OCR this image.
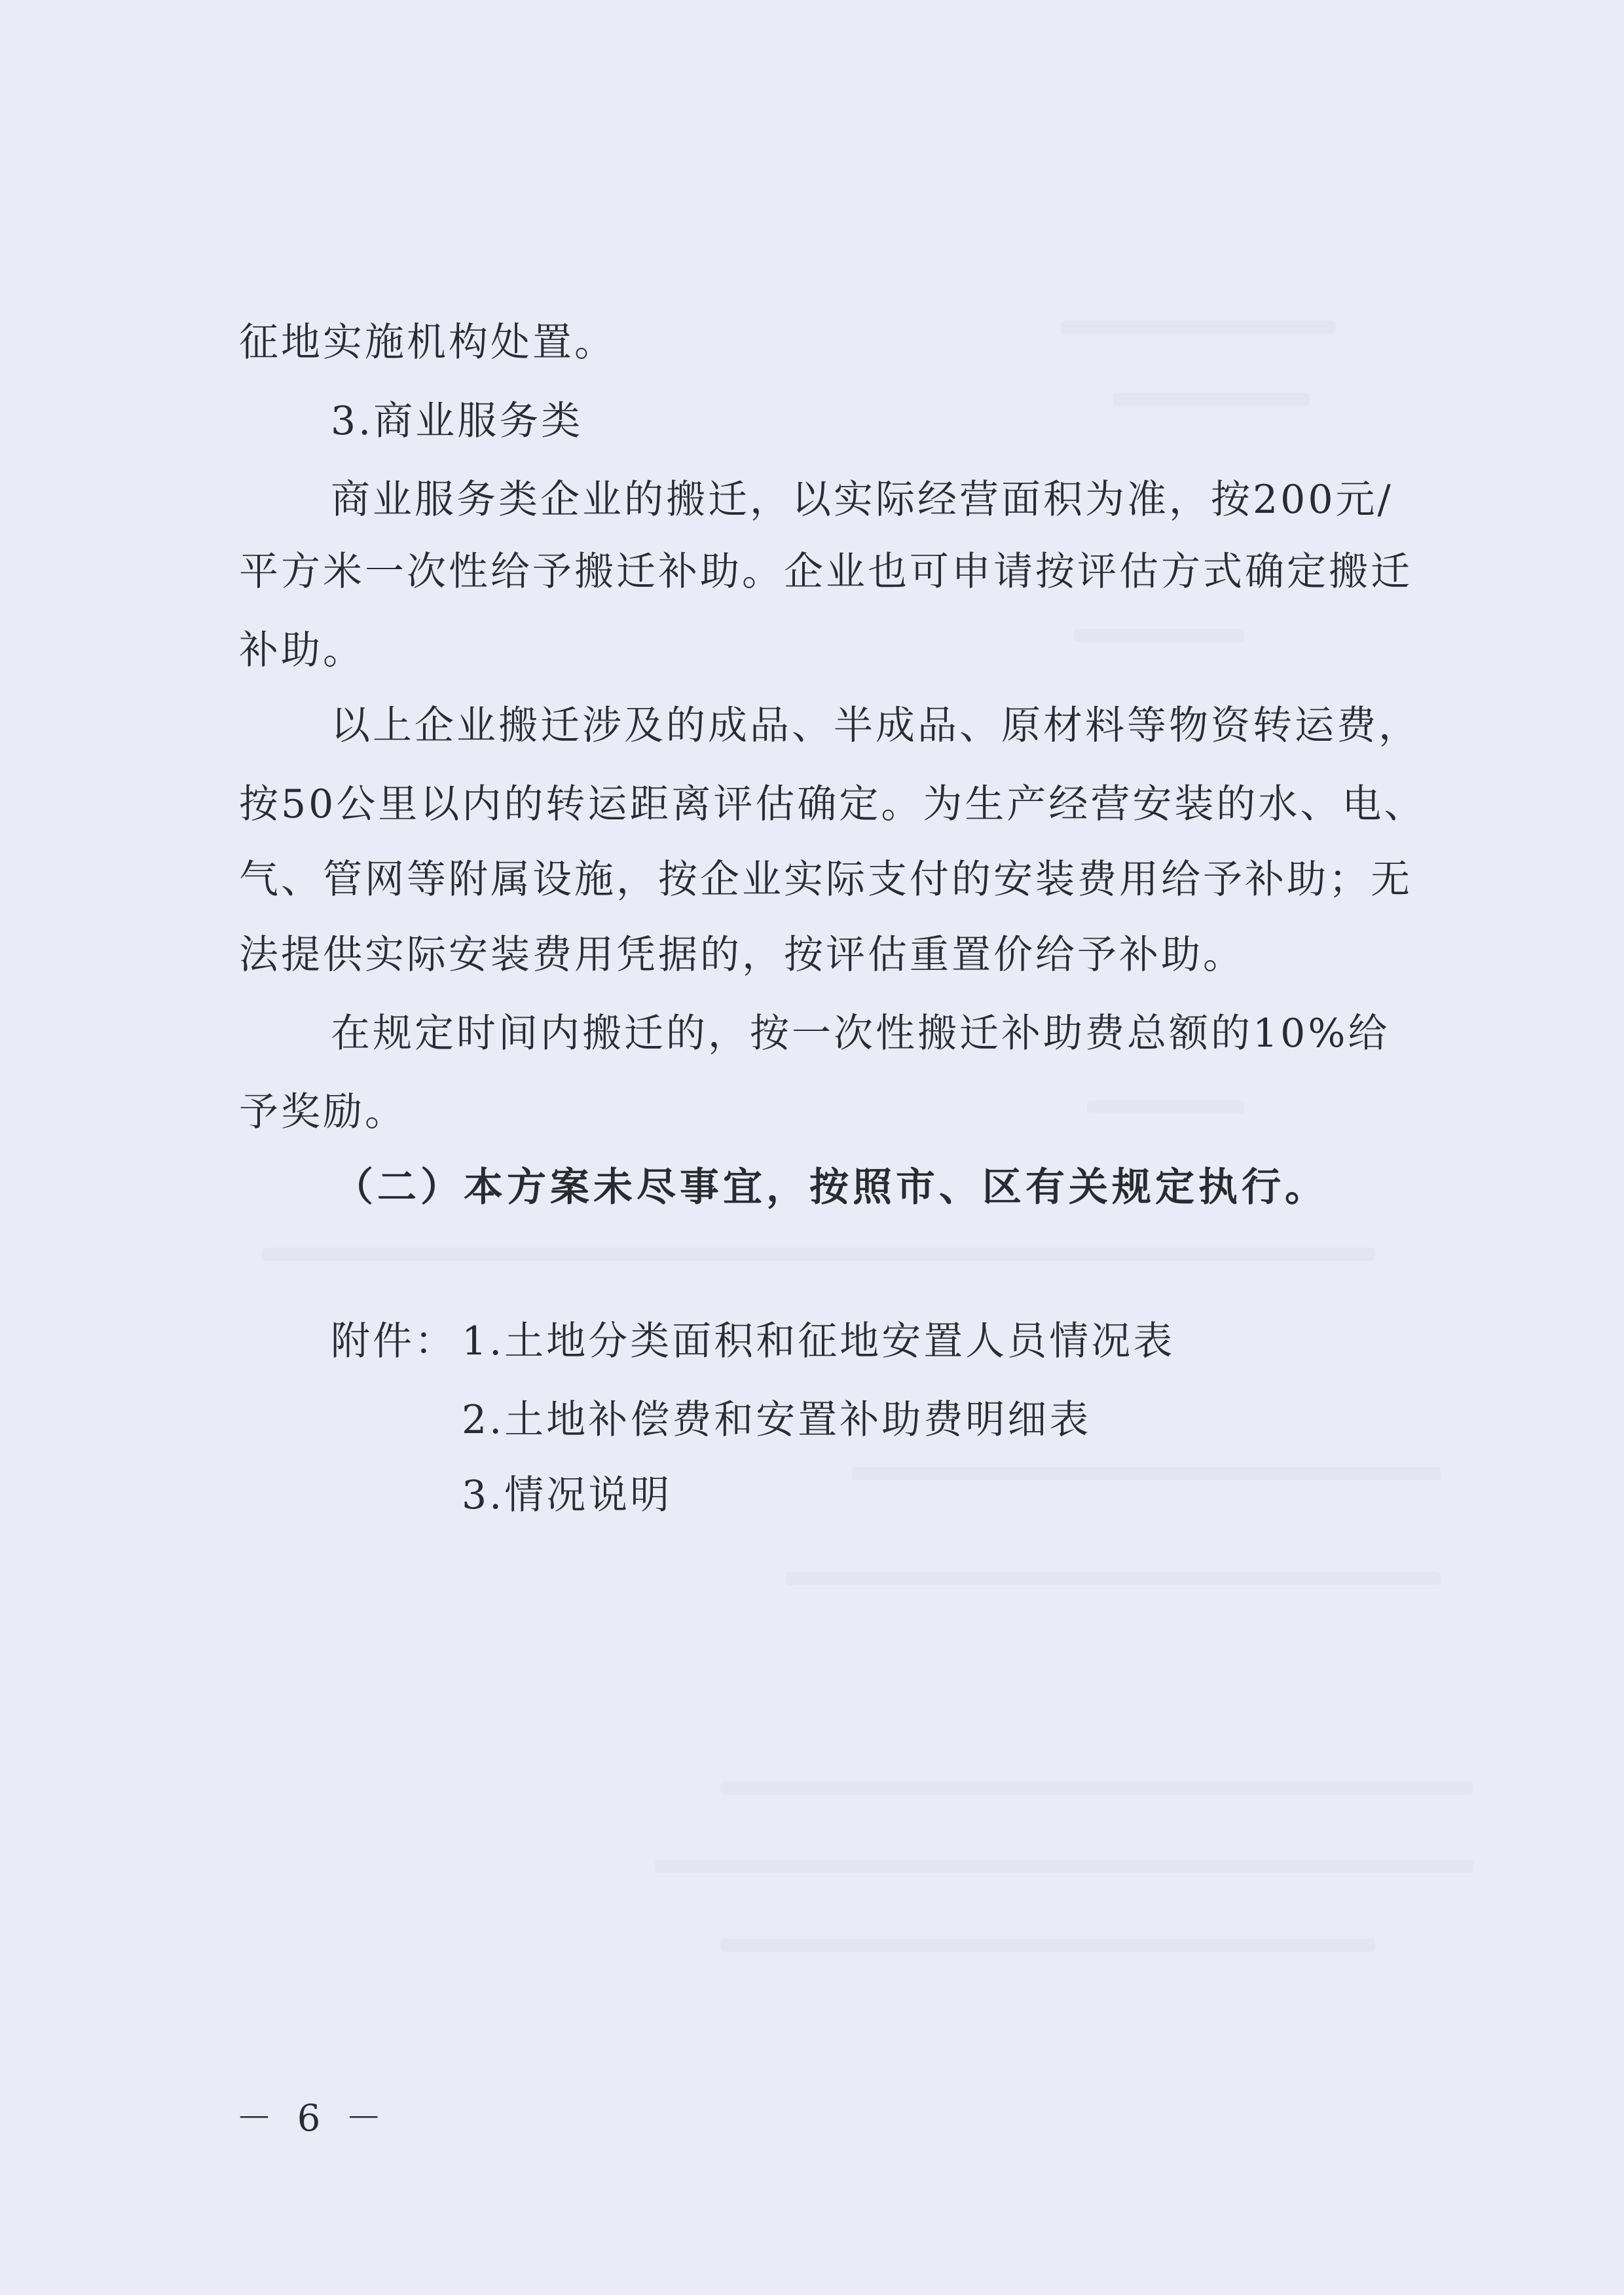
征地实施机构处置。
3.商业服务类
商业服务类企业的搬迁，以实际经营面积为准，按200元/
平方米一次性给予搬迁补助。企业也可申请按评估方式确定搬迁
补助。
以上企业搬迁涉及的成品、半成品、原材料等物资转运费，
按50公里以内的转运距离评估确定。为生产经营安装的水、电、
气、管网等附属设施，按企业实际支付的安装费用给予补助；无
法提供实际安装费用凭据的，按评估重置价给予补助。
在规定时间内搬迁的，按一次性搬迁补助费总额的10%给
予奖励。
（二）本方案未尽事宜，按照市、区有关规定执行。
附件： 1.土地分类面积和征地安置人员情况表
2.土地补偿费和安置补助费明细表
3.情况说明
－ 6 －
